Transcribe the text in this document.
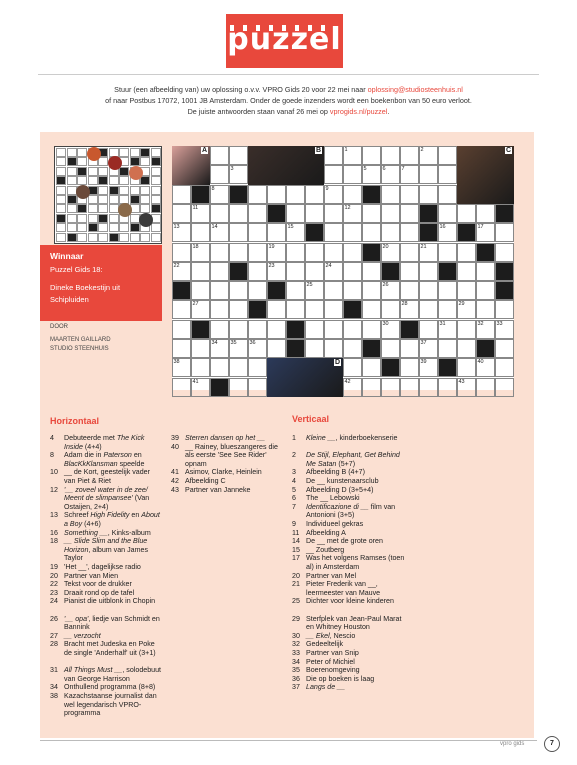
puzzel
Stuur (een afbeelding van) uw oplossing o.v.v. VPRO Gids 20 voor 22 mei naar oplossing@studiosteenhuis.nl
of naar Postbus 17072, 1001 JB Amsterdam. Onder de goede inzenders wordt een boekenbon van 50 euro verloot.
De juiste antwoorden staan vanaf 26 mei op vprogids.nl/puzzel.
Winnaar
Puzzel Gids 18:
Dineke Boekestijn uit Schipluiden
DOOR
MAARTEN GAILLARD
STUDIO STEENHUIS
1	2
3	5	6	7
8	9
11	12
13	14	15	16	17
18	19	20	21
22	23	24
25	26
27	28	29
30	31	32 33
34 35 36	37
38	39	40
41	42	43
A	B	C
D
Horizontaal	Verticaal
4 Debuteerde met The Kick Inside (4+4)
8 Adam die in Paterson en BlacKkKlansman speelde
10 __ de Kort, geestelijk vader van Piet & Riet
12 '__ zoveel water in de zee/ Meent de slimpansee' (Van Ostaijen, 2+4)
13 Schreef High Fidelity en About a Boy (4+6)
16 Something __, Kinks-album
18 __ Slide Slim and the Blue Horizon, album van James Taylor
19 'Het __', dagelijkse radio
20 Partner van Mien
22 Tekst voor de drukker
23 Draait rond op de tafel
24 Pianist die uitblonk in Chopin
26 '__ opa', liedje van Schmidt en Bannink
27 __ verzocht
28 Bracht met Judeska en Poke de single 'Anderhalf' uit (3+1)
31 All Things Must __, solodebuut van George Harrison
34 Onthullend programma (8+8)
38 Kazachstaanse journalist dan wel legendarisch VPRO-programma
39 Sterren dansen op het __
40 __ Rainey, blueszangeres die als eerste 'See See Rider' opnam
41 Asimov, Clarke, Heinlein
42 Afbeelding C
43 Partner van Janneke
1 Kleine __, kinderboekenserie
2 De Stijl, Elephant, Get Behind Me Satan (5+7)
3 Afbeelding B (4+7)
4 De __ kunstenaarsclub
5 Afbeelding D (3+5+4)
6 The __ Lebowski
7 Identificazione di __ film van Antonioni (3+5)
9 Individueel gekras
11 Afbeelding A
14 De __ met de grote oren
15 __ Zoutberg
17 Was het volgens Ramses (toen al) in Amsterdam
20 Partner van Mel
21 Pieter Frederik van __, leermeester van Mauve
25 Dichter voor kleine kinderen
29 Sterfplek van Jean-Paul Marat en Whitney Houston
30 __ Ekel, Nescio
32 Gedeeltelijk
33 Partner van Snip
34 Peter of Michiel
35 Boerenomgeving
36 Die op boeken is laag
37 Langs de __
vpro gids	7
